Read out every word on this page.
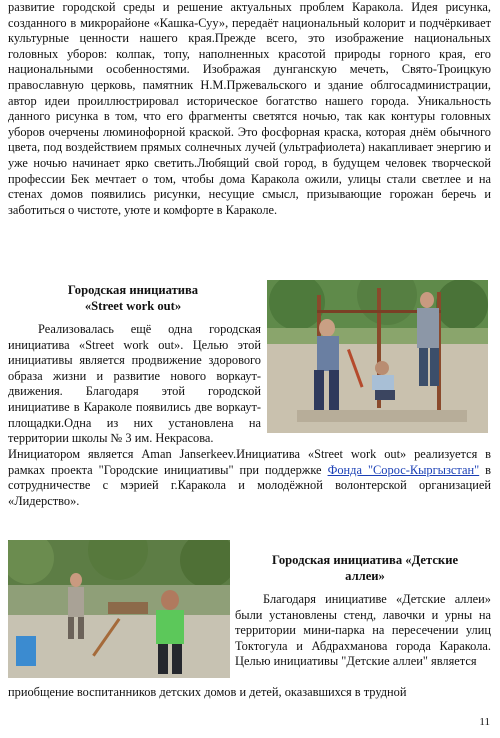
развитие городской среды и решение актуальных проблем Каракола. Идея рисунка, созданного в микрорайоне «Кашка-Суу», передаёт национальный колорит и подчёркивает культурные ценности нашего края.Прежде всего, это изображение национальных головных уборов: колпак, топу, наполненных красотой природы горного края, его национальными особенностями. Изображая дунганскую мечеть, Свято-Троицкую православную церковь, памятник Н.М.Пржевальского и здание облгосадминистрации, автор идеи проиллюстрировал историческое богатство нашего города. Уникальность данного рисунка в том, что его фрагменты светятся ночью, так как контуры головных уборов очерчены люминофорной краской. Это фосфорная краска, которая днём обычного цвета, под воздействием прямых солнечных лучей (ультрафиолета) накапливает энергию и уже ночью начинает ярко светить.Любящий свой город, в будущем человек творческой профессии Бек мечтает о том, чтобы дома Каракола ожили, улицы стали светлее и на стенах домов появились рисунки, несущие смысл, призывающие горожан беречь и заботиться о чистоте, уюте и комфорте в Караколе.

Городская инициатива
«Street work out»

Реализовалась ещё одна городская инициатива «Street work out». Целью этой инициативы является продвижение здорового образа жизни и развитие нового воркаут-движения. Благодаря этой городской инициативе в Караколе появились две воркаут-площадки.Одна из них установлена на территории школы № 3 им. Некрасова.

Инициатором является Aman Janserkeev.Инициатива «Street work out» реализуется в рамках проекта "Городские инициативы" при поддержке Фонда "Сорос-Кыргызстан" в сотрудничестве с мэрией г.Каракола и молодёжной волонтерской организацией «Лидерство».

Городская инициатива «Детские
аллеи»

Благодаря инициативе «Детские аллеи» были установлены стенд, лавочки и урны на территории мини-парка на пересечении улиц Токтогула и Абдрахманова города Каракола. Целью инициативы "Детские аллеи" является

приобщение воспитанников детских домов и детей, оказавшихся в трудной

11
